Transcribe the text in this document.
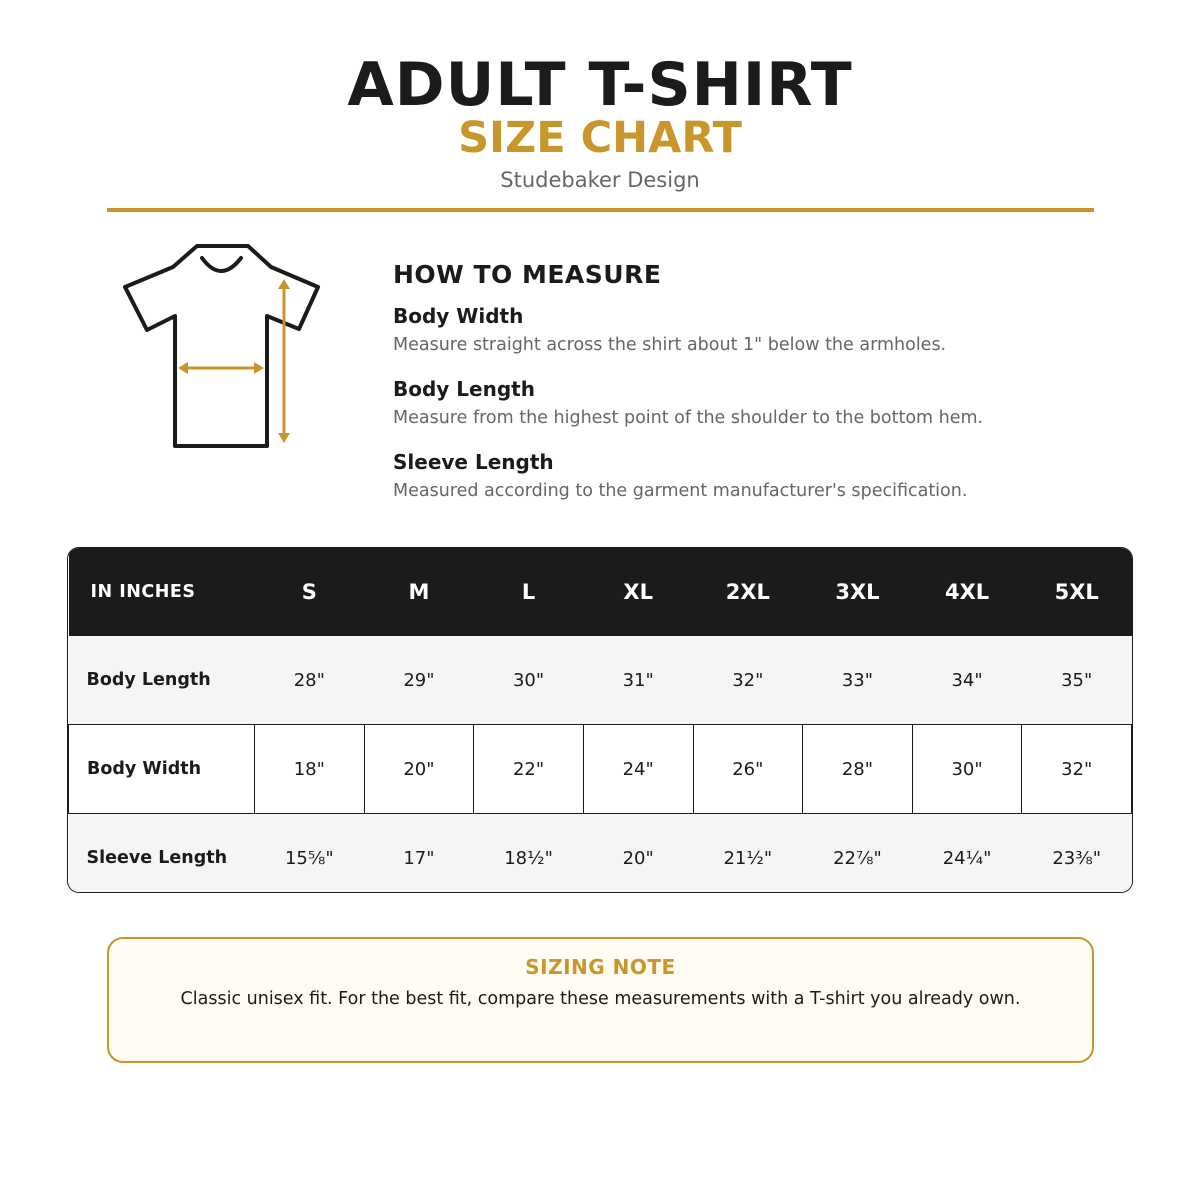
ADULT T-SHIRT
SIZE CHART
Studebaker Design
HOW TO MEASURE
Body Width
Measure straight across the shirt about 1" below the armholes.
Body Length
Measure from the highest point of the shoulder to the bottom hem.
Sleeve Length
Measured according to the garment manufacturer's specification.
IN INCHES	S	M	L	XL	2XL	3XL	4XL	5XL
Body Length	28"	29"	30"	31"	32"	33"	34"	35"
Body Width	18"	20"	22"	24"	26"	28"	30"	32"
Sleeve Length	15⅝"	17"	18½"	20"	21½"	22⅞"	24¼"	23⅜"
SIZING NOTE
Classic unisex fit. For the best fit, compare these measurements with a T-shirt you already own.
